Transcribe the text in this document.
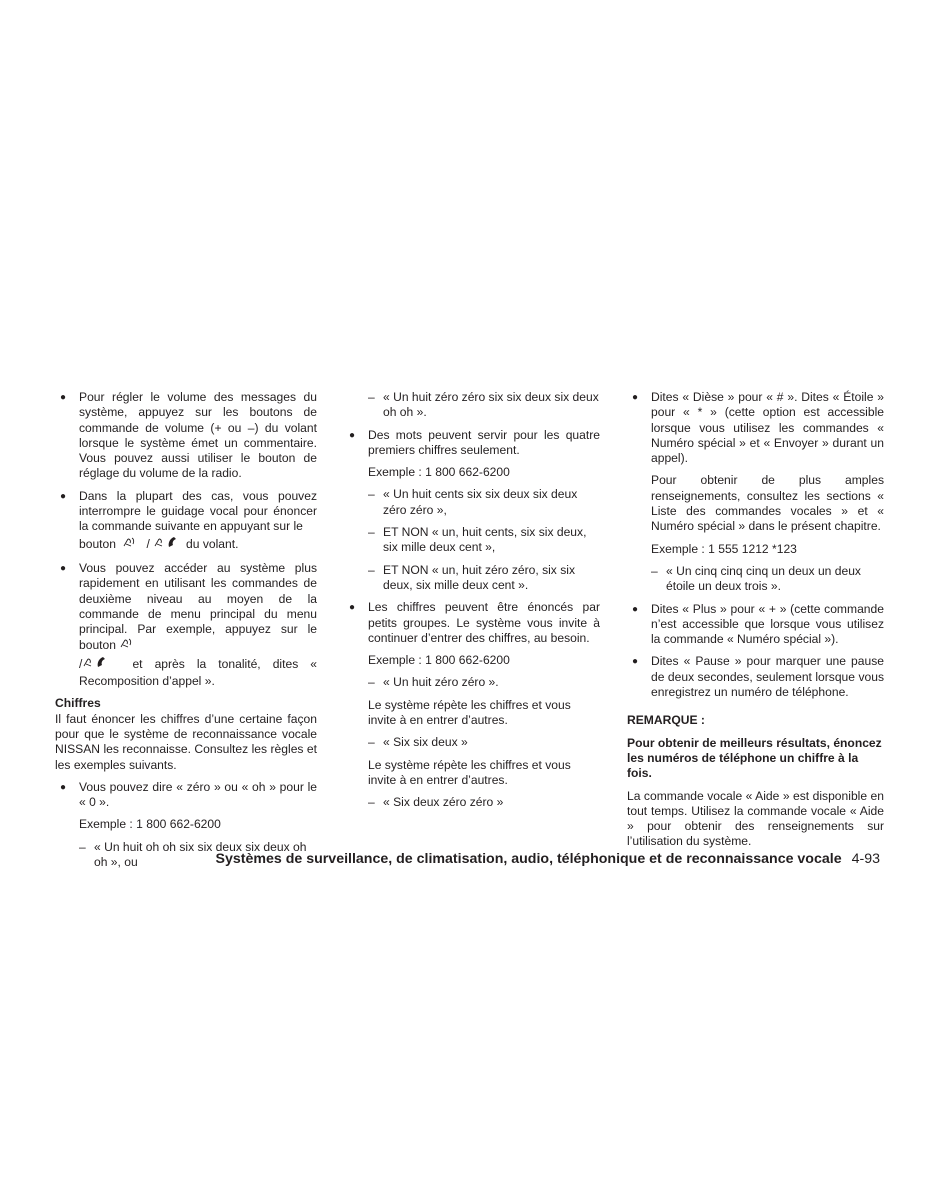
● Pour régler le volume des messages du système, appuyez sur les boutons de commande de volume (+ ou –) du volant lorsque le système émet un commentaire. Vous pouvez aussi utiliser le bouton de réglage du volume de la radio.

● Dans la plupart des cas, vous pouvez interrompre le guidage vocal pour énoncer la commande suivante en appuyant sur le
bouton	/	du volant.

● Vous pouvez accéder au système plus rapidement en utilisant les commandes de deuxième niveau au moyen de la commande de menu principal du menu principal. Par exemple, appuyez sur le bouton
/	et après la tonalité, dites « Recomposition d’appel ».

Chiffres

Il faut énoncer les chiffres d’une certaine façon pour que le système de reconnaissance vocale NISSAN les reconnaisse. Consultez les règles et les exemples suivants.

● Vous pouvez dire « zéro » ou « oh » pour le « 0 ».

Exemple : 1 800 662-6200

– « Un huit oh oh six six deux six deux oh oh », ou

– « Un huit zéro zéro six six deux six deux oh oh ».

● Des mots peuvent servir pour les quatre premiers chiffres seulement.

Exemple : 1 800 662-6200

– « Un huit cents six six deux six deux zéro zéro »,

– ET NON « un, huit cents, six six deux, six mille deux cent »,

– ET NON « un, huit zéro zéro, six six deux, six mille deux cent ».

● Les chiffres peuvent être énoncés par petits groupes. Le système vous invite à continuer d’entrer des chiffres, au besoin.

Exemple : 1 800 662-6200

– « Un huit zéro zéro ».

Le système répète les chiffres et vous invite à en entrer d’autres.

– « Six six deux »

Le système répète les chiffres et vous invite à en entrer d’autres.

– « Six deux zéro zéro »

● Dites « Dièse » pour « # ». Dites « Étoile » pour « * » (cette option est accessible lorsque vous utilisez les commandes « Numéro spécial » et « Envoyer » durant un appel).

Pour obtenir de plus amples renseignements, consultez les sections « Liste des commandes vocales » et « Numéro spécial » dans le présent chapitre.

Exemple : 1 555 1212 *123

– « Un cinq cinq cinq un deux un deux étoile un deux trois ».

● Dites « Plus » pour « + » (cette commande n’est accessible que lorsque vous utilisez la commande « Numéro spécial »).

● Dites « Pause » pour marquer une pause de deux secondes, seulement lorsque vous enregistrez un numéro de téléphone.

REMARQUE :

Pour obtenir de meilleurs résultats, énoncez les numéros de téléphone un chiffre à la fois.

La commande vocale « Aide » est disponible en tout temps. Utilisez la commande vocale « Aide » pour obtenir des renseignements sur l’utilisation du système.

Systèmes de surveillance, de climatisation, audio, téléphonique et de reconnaissance vocale 4-93
